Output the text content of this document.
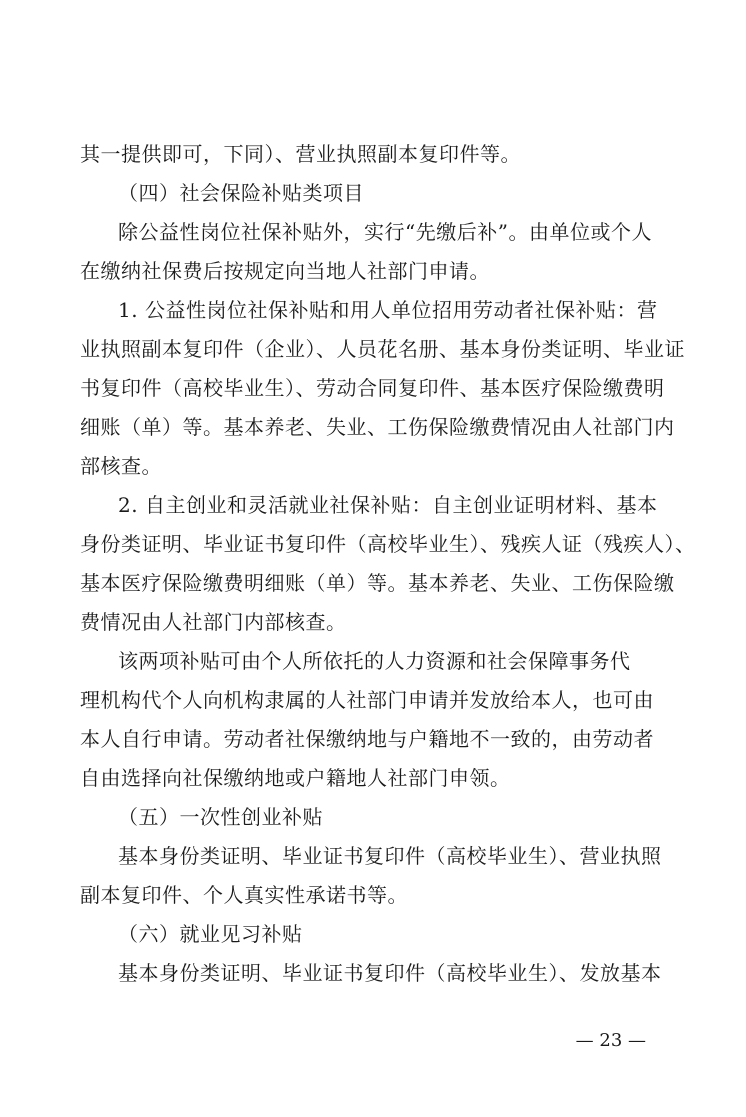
其一提供即可，下同）、营业执照副本复印件等。
（四）社会保险补贴类项目
除公益性岗位社保补贴外，实行“先缴后补”。由单位或个人
在缴纳社保费后按规定向当地人社部门申请。
1. 公益性岗位社保补贴和用人单位招用劳动者社保补贴：营
业执照副本复印件（企业）、人员花名册、基本身份类证明、毕业证
书复印件（高校毕业生）、劳动合同复印件、基本医疗保险缴费明
细账（单）等。基本养老、失业、工伤保险缴费情况由人社部门内
部核查。
2. 自主创业和灵活就业社保补贴：自主创业证明材料、基本
身份类证明、毕业证书复印件（高校毕业生）、残疾人证（残疾人）、
基本医疗保险缴费明细账（单）等。基本养老、失业、工伤保险缴
费情况由人社部门内部核查。
该两项补贴可由个人所依托的人力资源和社会保障事务代
理机构代个人向机构隶属的人社部门申请并发放给本人，也可由
本人自行申请。劳动者社保缴纳地与户籍地不一致的，由劳动者
自由选择向社保缴纳地或户籍地人社部门申领。
（五）一次性创业补贴
基本身份类证明、毕业证书复印件（高校毕业生）、营业执照
副本复印件、个人真实性承诺书等。
（六）就业见习补贴
基本身份类证明、毕业证书复印件（高校毕业生）、发放基本
— 23 —
